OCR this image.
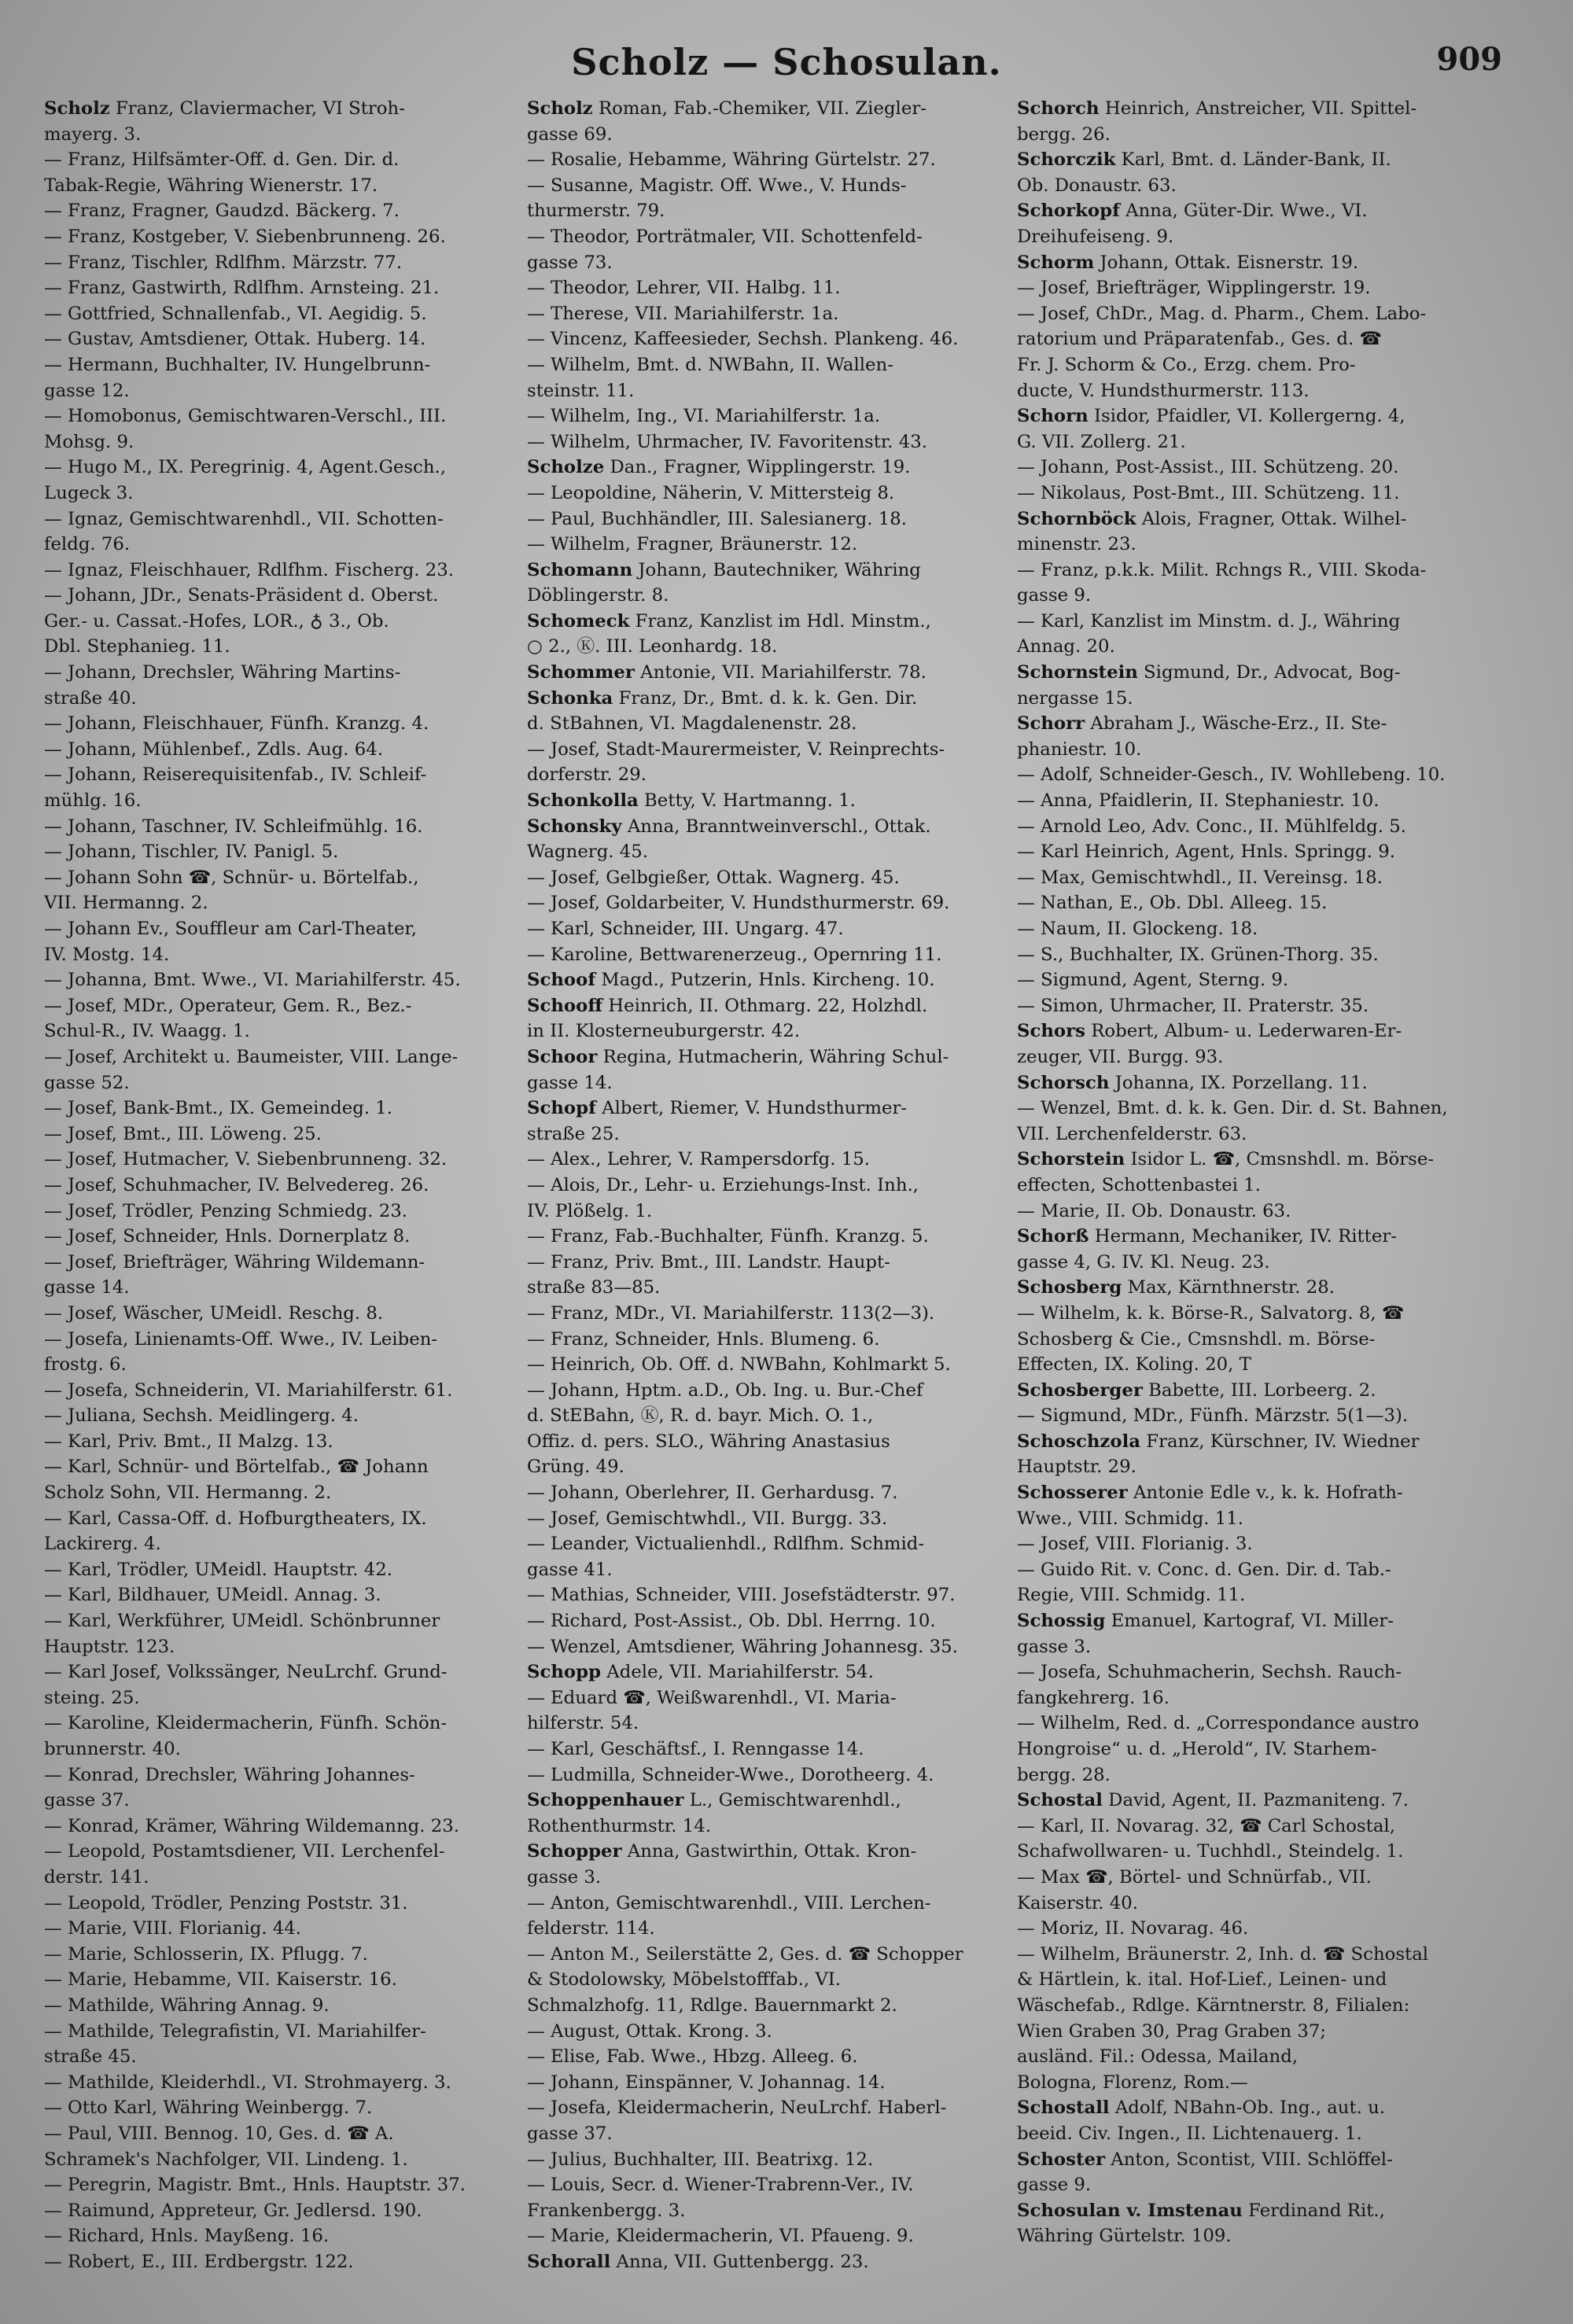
Scholz — Schosulan.	909
Scholz Franz, Claviermacher, VI Stroh-
mayerg. 3.
— Franz, Hilfsämter-Off. d. Gen. Dir. d.
Tabak-Regie, Währing Wienerstr. 17.
— Franz, Fragner, Gaudzd. Bäckerg. 7.
— Franz, Kostgeber, V. Siebenbrunneng. 26.
— Franz, Tischler, Rdlfhm. Märzstr. 77.
— Franz, Gastwirth, Rdlfhm. Arnsteing. 21.
— Gottfried, Schnallenfab., VI. Aegidig. 5.
— Gustav, Amtsdiener, Ottak. Huberg. 14.
— Hermann, Buchhalter, IV. Hungelbrunn-
gasse 12.
— Homobonus, Gemischtwaren-Verschl., III.
Mohsg. 9.
— Hugo M., IX. Peregrinig. 4, Agent.Gesch.,
Lugeck 3.
— Ignaz, Gemischtwarenhdl., VII. Schotten-
feldg. 76.
— Ignaz, Fleischhauer, Rdlfhm. Fischerg. 23.
— Johann, JDr., Senats-Präsident d. Oberst.
Ger.- u. Cassat.-Hofes, LOR., ♁ 3., Ob.
Dbl. Stephanieg. 11.
— Johann, Drechsler, Währing Martins-
straße 40.
— Johann, Fleischhauer, Fünfh. Kranzg. 4.
— Johann, Mühlenbef., Zdls. Aug. 64.
— Johann, Reiserequisitenfab., IV. Schleif-
mühlg. 16.
— Johann, Taschner, IV. Schleifmühlg. 16.
— Johann, Tischler, IV. Panigl. 5.
— Johann Sohn ☎, Schnür- u. Börtelfab.,
VII. Hermanng. 2.
— Johann Ev., Souffleur am Carl-Theater,
IV. Mostg. 14.
— Johanna, Bmt. Wwe., VI. Mariahilferstr. 45.
— Josef, MDr., Operateur, Gem. R., Bez.-
Schul-R., IV. Waagg. 1.
— Josef, Architekt u. Baumeister, VIII. Lange-
gasse 52.
— Josef, Bank-Bmt., IX. Gemeindeg. 1.
— Josef, Bmt., III. Löweng. 25.
— Josef, Hutmacher, V. Siebenbrunneng. 32.
— Josef, Schuhmacher, IV. Belvedereg. 26.
— Josef, Trödler, Penzing Schmiedg. 23.
— Josef, Schneider, Hnls. Dornerplatz 8.
— Josef, Briefträger, Währing Wildemann-
gasse 14.
— Josef, Wäscher, UMeidl. Reschg. 8.
— Josefa, Linienamts-Off. Wwe., IV. Leiben-
frostg. 6.
— Josefa, Schneiderin, VI. Mariahilferstr. 61.
— Juliana, Sechsh. Meidlingerg. 4.
— Karl, Priv. Bmt., II Malzg. 13.
— Karl, Schnür- und Börtelfab., ☎ Johann
Scholz Sohn, VII. Hermanng. 2.
— Karl, Cassa-Off. d. Hofburgtheaters, IX.
Lackirerg. 4.
— Karl, Trödler, UMeidl. Hauptstr. 42.
— Karl, Bildhauer, UMeidl. Annag. 3.
— Karl, Werkführer, UMeidl. Schönbrunner
Hauptstr. 123.
— Karl Josef, Volkssänger, NeuLrchf. Grund-
steing. 25.
— Karoline, Kleidermacherin, Fünfh. Schön-
brunnerstr. 40.
— Konrad, Drechsler, Währing Johannes-
gasse 37.
— Konrad, Krämer, Währing Wildemanng. 23.
— Leopold, Postamtsdiener, VII. Lerchenfel-
derstr. 141.
— Leopold, Trödler, Penzing Poststr. 31.
— Marie, VIII. Florianig. 44.
— Marie, Schlosserin, IX. Pflugg. 7.
— Marie, Hebamme, VII. Kaiserstr. 16.
— Mathilde, Währing Annag. 9.
— Mathilde, Telegrafistin, VI. Mariahilfer-
straße 45.
— Mathilde, Kleiderhdl., VI. Strohmayerg. 3.
— Otto Karl, Währing Weinbergg. 7.
— Paul, VIII. Bennog. 10, Ges. d. ☎ A.
Schramek's Nachfolger, VII. Lindeng. 1.
— Peregrin, Magistr. Bmt., Hnls. Hauptstr. 37.
— Raimund, Appreteur, Gr. Jedlersd. 190.
— Richard, Hnls. Mayßeng. 16.
— Robert, E., III. Erdbergstr. 122.
Scholz Roman, Fab.-Chemiker, VII. Ziegler-
gasse 69.
— Rosalie, Hebamme, Währing Gürtelstr. 27.
— Susanne, Magistr. Off. Wwe., V. Hunds-
thurmerstr. 79.
— Theodor, Porträtmaler, VII. Schottenfeld-
gasse 73.
— Theodor, Lehrer, VII. Halbg. 11.
— Therese, VII. Mariahilferstr. 1a.
— Vincenz, Kaffeesieder, Sechsh. Plankeng. 46.
— Wilhelm, Bmt. d. NWBahn, II. Wallen-
steinstr. 11.
— Wilhelm, Ing., VI. Mariahilferstr. 1a.
— Wilhelm, Uhrmacher, IV. Favoritenstr. 43.
Scholze Dan., Fragner, Wipplingerstr. 19.
— Leopoldine, Näherin, V. Mittersteig 8.
— Paul, Buchhändler, III. Salesianerg. 18.
— Wilhelm, Fragner, Bräunerstr. 12.
Schomann Johann, Bautechniker, Währing
Döblingerstr. 8.
Schomeck Franz, Kanzlist im Hdl. Minstm.,
○ 2., Ⓚ. III. Leonhardg. 18.
Schommer Antonie, VII. Mariahilferstr. 78.
Schonka Franz, Dr., Bmt. d. k. k. Gen. Dir.
d. StBahnen, VI. Magdalenenstr. 28.
— Josef, Stadt-Maurermeister, V. Reinprechts-
dorferstr. 29.
Schonkolla Betty, V. Hartmanng. 1.
Schonsky Anna, Branntweinverschl., Ottak.
Wagnerg. 45.
— Josef, Gelbgießer, Ottak. Wagnerg. 45.
— Josef, Goldarbeiter, V. Hundsthurmerstr. 69.
— Karl, Schneider, III. Ungarg. 47.
— Karoline, Bettwarenerzeug., Opernring 11.
Schoof Magd., Putzerin, Hnls. Kircheng. 10.
Schooff Heinrich, II. Othmarg. 22, Holzhdl.
in II. Klosterneuburgerstr. 42.
Schoor Regina, Hutmacherin, Währing Schul-
gasse 14.
Schopf Albert, Riemer, V. Hundsthurmer-
straße 25.
— Alex., Lehrer, V. Rampersdorfg. 15.
— Alois, Dr., Lehr- u. Erziehungs-Inst. Inh.,
IV. Plößelg. 1.
— Franz, Fab.-Buchhalter, Fünfh. Kranzg. 5.
— Franz, Priv. Bmt., III. Landstr. Haupt-
straße 83—85.
— Franz, MDr., VI. Mariahilferstr. 113(2—3).
— Franz, Schneider, Hnls. Blumeng. 6.
— Heinrich, Ob. Off. d. NWBahn, Kohlmarkt 5.
— Johann, Hptm. a.D., Ob. Ing. u. Bur.-Chef
d. StEBahn, Ⓚ, R. d. bayr. Mich. O. 1.,
Offiz. d. pers. SLO., Währing Anastasius
Grüng. 49.
— Johann, Oberlehrer, II. Gerhardusg. 7.
— Josef, Gemischtwhdl., VII. Burgg. 33.
— Leander, Victualienhdl., Rdlfhm. Schmid-
gasse 41.
— Mathias, Schneider, VIII. Josefstädterstr. 97.
— Richard, Post-Assist., Ob. Dbl. Herrng. 10.
— Wenzel, Amtsdiener, Währing Johannesg. 35.
Schopp Adele, VII. Mariahilferstr. 54.
— Eduard ☎, Weißwarenhdl., VI. Maria-
hilferstr. 54.
— Karl, Geschäftsf., I. Renngasse 14.
— Ludmilla, Schneider-Wwe., Dorotheerg. 4.
Schoppenhauer L., Gemischtwarenhdl.,
Rothenthurmstr. 14.
Schopper Anna, Gastwirthin, Ottak. Kron-
gasse 3.
— Anton, Gemischtwarenhdl., VIII. Lerchen-
felderstr. 114.
— Anton M., Seilerstätte 2, Ges. d. ☎ Schopper
& Stodolowsky, Möbelstofffab., VI.
Schmalzhofg. 11, Rdlge. Bauernmarkt 2.
— August, Ottak. Krong. 3.
— Elise, Fab. Wwe., Hbzg. Alleeg. 6.
— Johann, Einspänner, V. Johannag. 14.
— Josefa, Kleidermacherin, NeuLrchf. Haberl-
gasse 37.
— Julius, Buchhalter, III. Beatrixg. 12.
— Louis, Secr. d. Wiener-Trabrenn-Ver., IV.
Frankenbergg. 3.
— Marie, Kleidermacherin, VI. Pfaueng. 9.
Schorall Anna, VII. Guttenbergg. 23.
Schorch Heinrich, Anstreicher, VII. Spittel-
bergg. 26.
Schorczik Karl, Bmt. d. Länder-Bank, II.
Ob. Donaustr. 63.
Schorkopf Anna, Güter-Dir. Wwe., VI.
Dreihufeiseng. 9.
Schorm Johann, Ottak. Eisnerstr. 19.
— Josef, Briefträger, Wipplingerstr. 19.
— Josef, ChDr., Mag. d. Pharm., Chem. Labo-
ratorium und Präparatenfab., Ges. d. ☎
Fr. J. Schorm & Co., Erzg. chem. Pro-
ducte, V. Hundsthurmerstr. 113.
Schorn Isidor, Pfaidler, VI. Kollergerng. 4,
G. VII. Zollerg. 21.
— Johann, Post-Assist., III. Schützeng. 20.
— Nikolaus, Post-Bmt., III. Schützeng. 11.
Schornböck Alois, Fragner, Ottak. Wilhel-
minenstr. 23.
— Franz, p.k.k. Milit. Rchngs R., VIII. Skoda-
gasse 9.
— Karl, Kanzlist im Minstm. d. J., Währing
Annag. 20.
Schornstein Sigmund, Dr., Advocat, Bog-
nergasse 15.
Schorr Abraham J., Wäsche-Erz., II. Ste-
phaniestr. 10.
— Adolf, Schneider-Gesch., IV. Wohllebeng. 10.
— Anna, Pfaidlerin, II. Stephaniestr. 10.
— Arnold Leo, Adv. Conc., II. Mühlfeldg. 5.
— Karl Heinrich, Agent, Hnls. Springg. 9.
— Max, Gemischtwhdl., II. Vereinsg. 18.
— Nathan, E., Ob. Dbl. Alleeg. 15.
— Naum, II. Glockeng. 18.
— S., Buchhalter, IX. Grünen-Thorg. 35.
— Sigmund, Agent, Sterng. 9.
— Simon, Uhrmacher, II. Praterstr. 35.
Schors Robert, Album- u. Lederwaren-Er-
zeuger, VII. Burgg. 93.
Schorsch Johanna, IX. Porzellang. 11.
— Wenzel, Bmt. d. k. k. Gen. Dir. d. St. Bahnen,
VII. Lerchenfelderstr. 63.
Schorstein Isidor L. ☎, Cmsnshdl. m. Börse-
effecten, Schottenbastei 1.
— Marie, II. Ob. Donaustr. 63.
Schorß Hermann, Mechaniker, IV. Ritter-
gasse 4, G. IV. Kl. Neug. 23.
Schosberg Max, Kärnthnerstr. 28.
— Wilhelm, k. k. Börse-R., Salvatorg. 8, ☎
Schosberg & Cie., Cmsnshdl. m. Börse-
Effecten, IX. Koling. 20, T
Schosberger Babette, III. Lorbeerg. 2.
— Sigmund, MDr., Fünfh. Märzstr. 5(1—3).
Schoschzola Franz, Kürschner, IV. Wiedner
Hauptstr. 29.
Schosserer Antonie Edle v., k. k. Hofrath-
Wwe., VIII. Schmidg. 11.
— Josef, VIII. Florianig. 3.
— Guido Rit. v. Conc. d. Gen. Dir. d. Tab.-
Regie, VIII. Schmidg. 11.
Schossig Emanuel, Kartograf, VI. Miller-
gasse 3.
— Josefa, Schuhmacherin, Sechsh. Rauch-
fangkehrerg. 16.
— Wilhelm, Red. d. „Correspondance austro
Hongroise“ u. d. „Herold“, IV. Starhem-
bergg. 28.
Schostal David, Agent, II. Pazmaniteng. 7.
— Karl, II. Novarag. 32, ☎ Carl Schostal,
Schafwollwaren- u. Tuchhdl., Steindelg. 1.
— Max ☎, Börtel- und Schnürfab., VII.
Kaiserstr. 40.
— Moriz, II. Novarag. 46.
— Wilhelm, Bräunerstr. 2, Inh. d. ☎ Schostal
& Härtlein, k. ital. Hof-Lief., Leinen- und
Wäschefab., Rdlge. Kärntnerstr. 8, Filialen:
Wien Graben 30, Prag Graben 37;
ausländ. Fil.: Odessa, Mailand,
Bologna, Florenz, Rom.—
Schostall Adolf, NBahn-Ob. Ing., aut. u.
beeid. Civ. Ingen., II. Lichtenauerg. 1.
Schoster Anton, Scontist, VIII. Schlöffel-
gasse 9.
Schosulan v. Imstenau Ferdinand Rit.,
Währing Gürtelstr. 109.
